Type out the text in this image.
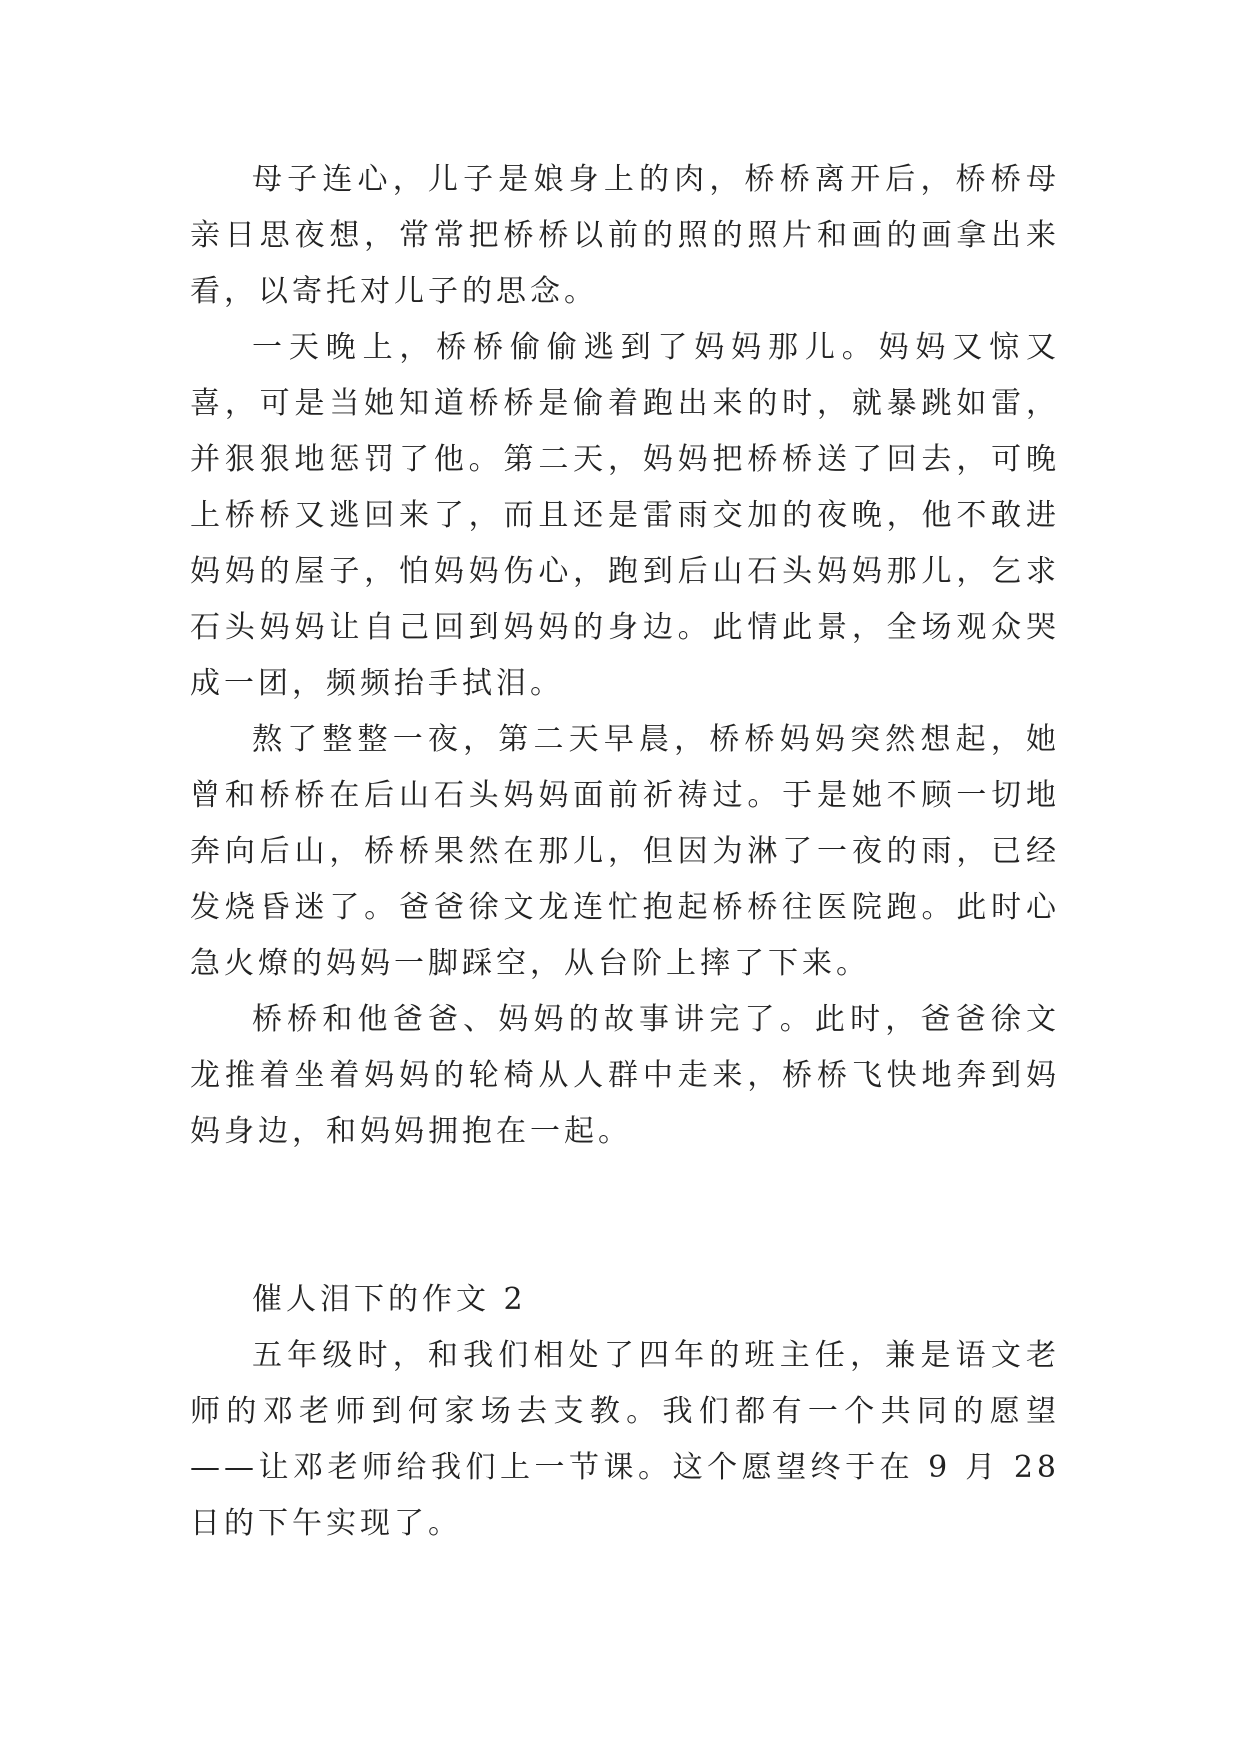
母子连心，儿子是娘身上的肉，桥桥离开后，桥桥母亲日思夜想，常常把桥桥以前的照的照片和画的画拿出来看，以寄托对儿子的思念。

一天晚上，桥桥偷偷逃到了妈妈那儿。妈妈又惊又喜，可是当她知道桥桥是偷着跑出来的时，就暴跳如雷，并狠狠地惩罚了他。第二天，妈妈把桥桥送了回去，可晚上桥桥又逃回来了，而且还是雷雨交加的夜晚，他不敢进妈妈的屋子，怕妈妈伤心，跑到后山石头妈妈那儿，乞求石头妈妈让自己回到妈妈的身边。此情此景，全场观众哭成一团，频频抬手拭泪。

熬了整整一夜，第二天早晨，桥桥妈妈突然想起，她曾和桥桥在后山石头妈妈面前祈祷过。于是她不顾一切地奔向后山，桥桥果然在那儿，但因为淋了一夜的雨，已经发烧昏迷了。爸爸徐文龙连忙抱起桥桥往医院跑。此时心急火燎的妈妈一脚踩空，从台阶上摔了下来。

桥桥和他爸爸、妈妈的故事讲完了。此时，爸爸徐文龙推着坐着妈妈的轮椅从人群中走来，桥桥飞快地奔到妈妈身边，和妈妈拥抱在一起。

催人泪下的作文 2

五年级时，和我们相处了四年的班主任，兼是语文老师的邓老师到何家场去支教。我们都有一个共同的愿望——让邓老师给我们上一节课。这个愿望终于在 9 月 28 日的下午实现了。
